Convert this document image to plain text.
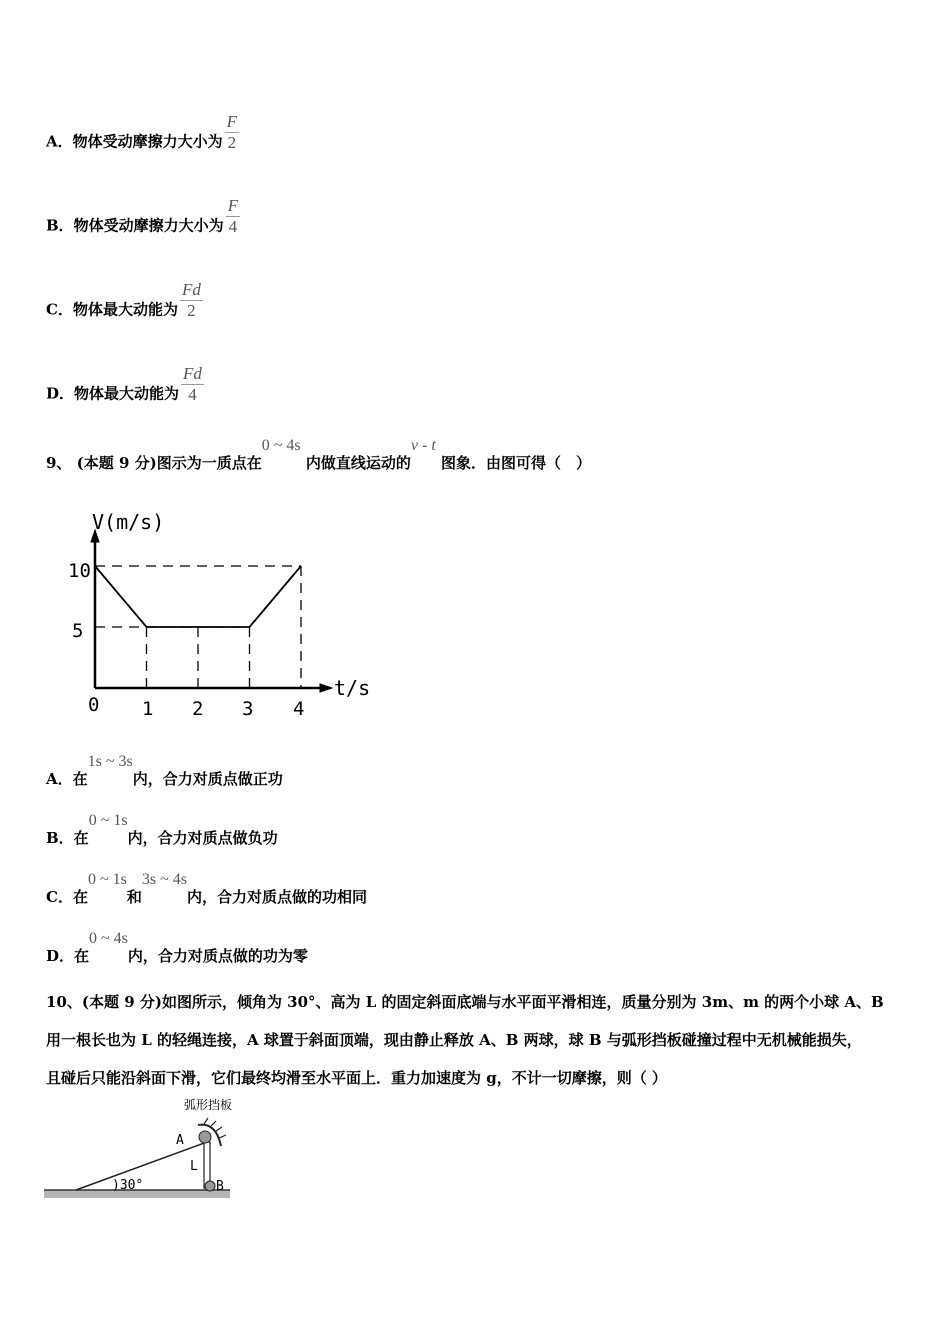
A．物体受动摩擦力大小为 $\frac{F}{2}$
B．物体受动摩擦力大小为 $\frac{F}{4}$
C．物体最大动能为 $\frac{Fd}{2}$
D．物体最大动能为 $\frac{Fd}{4}$
9、 (本题 9 分)图示为一质点在0 ~ 4s 内做直线运动的v - t 图象．由图可得（　）
V(m/s)
t/s
10
5
0 1 2 3 4
A．在1s ~ 3s内，合力对质点做正功
B．在0 ~ 1s内，合力对质点做负功
C．在0 ~ 1s和3s ~ 4s内，合力对质点做的功相同
D．在0 ~ 4s内，合力对质点做的功为零
10、(本题 9 分)如图所示，倾角为 30°、高为 L 的固定斜面底端与水平面平滑相连，质量分别为 3m、m 的两个小球 A、B
用一根长也为 L 的轻绳连接，A 球置于斜面顶端，现由静止释放 A、B 两球，球 B 与弧形挡板碰撞过程中无机械能损失，
且碰后只能沿斜面下滑，它们最终均滑至水平面上．重力加速度为 g，不计一切摩擦，则（ ）
弧形挡板
A
B
L
)30°
